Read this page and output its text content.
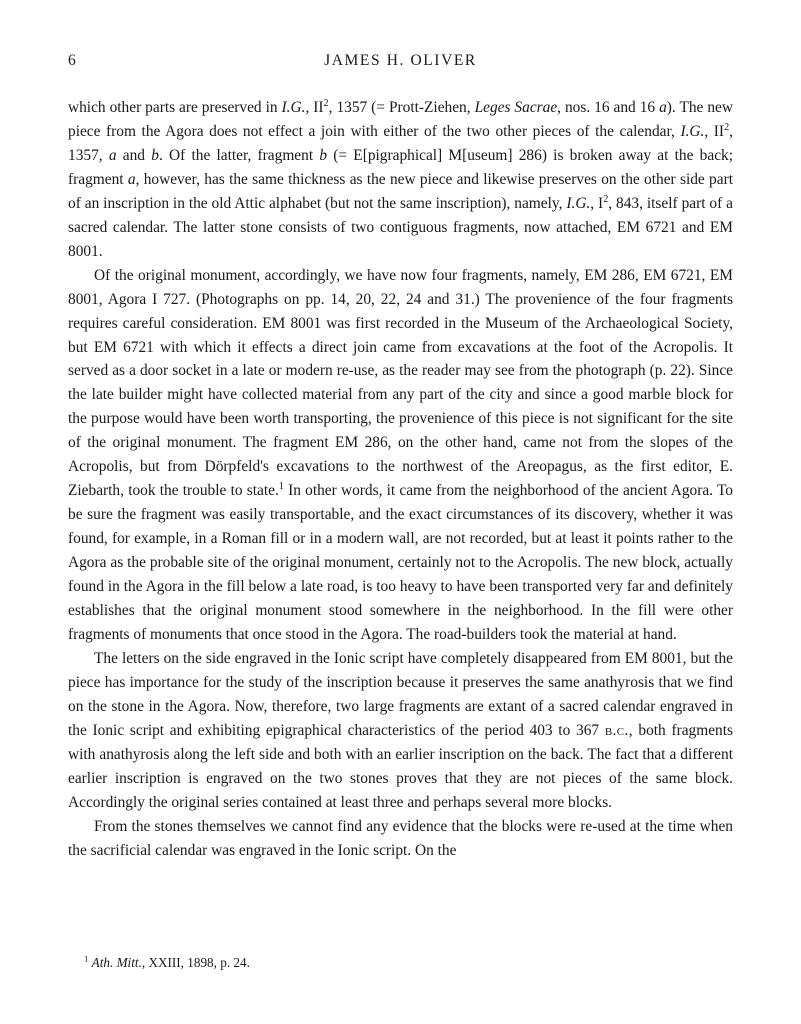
6	JAMES H. OLIVER

which other parts are preserved in I.G., $II^2$, 1357 (= Prott-Ziehen, Leges Sacrae, nos. 16 and 16 a). The new piece from the Agora does not effect a join with either of the two other pieces of the calendar, I.G., $II^2$, 1357, a and b. Of the latter, fragment b (= E[pigraphical] M[useum] 286) is broken away at the back; fragment a, however, has the same thickness as the new piece and likewise preserves on the other side part of an inscription in the old Attic alphabet (but not the same inscription), namely, I.G., $I^2$, 843, itself part of a sacred calendar. The latter stone consists of two contiguous fragments, now attached, EM 6721 and EM 8001.

Of the original monument, accordingly, we have now four fragments, namely, EM 286, EM 6721, EM 8001, Agora I 727. (Photographs on pp. 14, 20, 22, 24 and 31.) The provenience of the four fragments requires careful consideration. EM 8001 was first recorded in the Museum of the Archaeological Society, but EM 6721 with which it effects a direct join came from excavations at the foot of the Acropolis. It served as a door socket in a late or modern re-use, as the reader may see from the photograph (p. 22). Since the late builder might have collected material from any part of the city and since a good marble block for the purpose would have been worth transporting, the provenience of this piece is not significant for the site of the original monument. The fragment EM 286, on the other hand, came not from the slopes of the Acropolis, but from Dörpfeld's excavations to the northwest of the Areopagus, as the first editor, E. Ziebarth, took the trouble to state.$^1$ In other words, it came from the neighborhood of the ancient Agora. To be sure the fragment was easily transportable, and the exact circumstances of its discovery, whether it was found, for example, in a Roman fill or in a modern wall, are not recorded, but at least it points rather to the Agora as the probable site of the original monument, certainly not to the Acropolis. The new block, actually found in the Agora in the fill below a late road, is too heavy to have been transported very far and definitely establishes that the original monument stood somewhere in the neighborhood. In the fill were other fragments of monuments that once stood in the Agora. The road-builders took the material at hand.

The letters on the side engraved in the Ionic script have completely disappeared from EM 8001, but the piece has importance for the study of the inscription because it preserves the same anathyrosis that we find on the stone in the Agora. Now, therefore, two large fragments are extant of a sacred calendar engraved in the Ionic script and exhibiting epigraphical characteristics of the period 403 to 367 b.c., both fragments with anathyrosis along the left side and both with an earlier inscription on the back. The fact that a different earlier inscription is engraved on the two stones proves that they are not pieces of the same block. Accordingly the original series contained at least three and perhaps several more blocks.

From the stones themselves we cannot find any evidence that the blocks were re-used at the time when the sacrificial calendar was engraved in the Ionic script. On the

$^1$ Ath. Mitt., XXIII, 1898, p. 24.
